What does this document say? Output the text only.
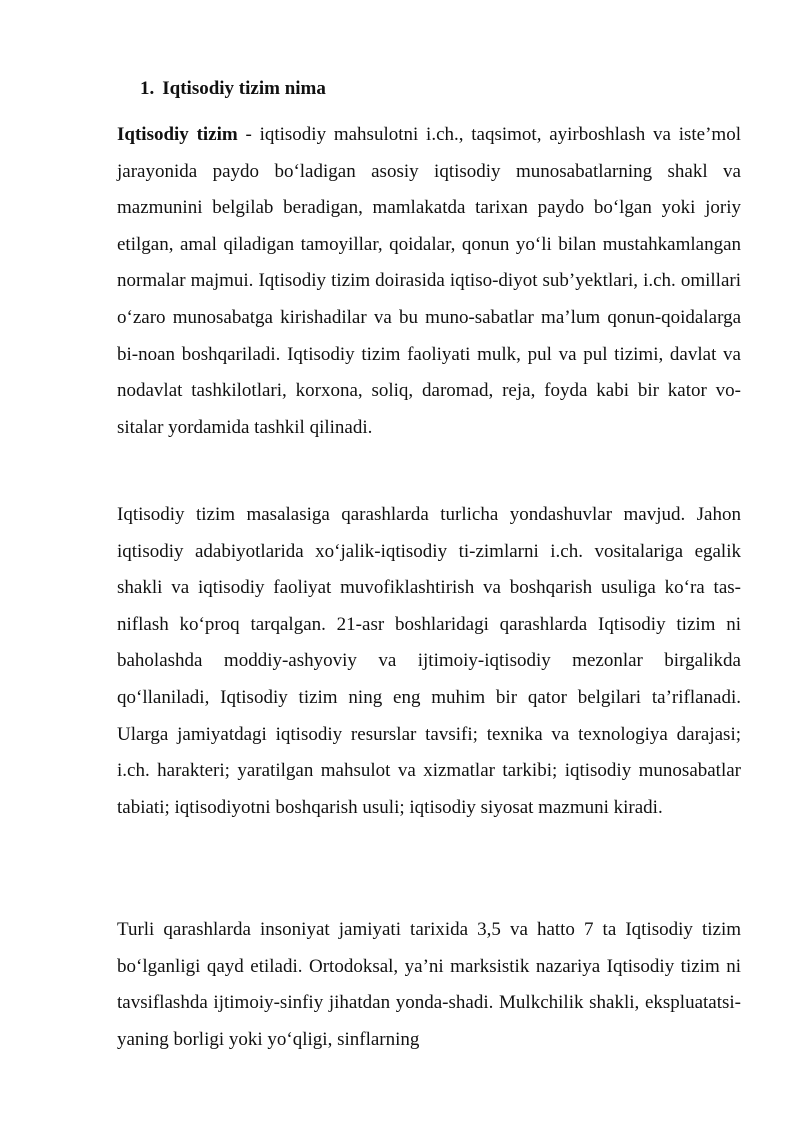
1. Iqtisodiy tizim nima

Iqtisodiy tizim - iqtisodiy mahsulotni i.ch., taqsimot, ayirboshlash va iste’mol jarayonida paydo bo‘ladigan asosiy iqtisodiy munosabatlarning shakl va mazmunini belgilab beradigan, mamlakatda tarixan paydo bo‘lgan yoki joriy etilgan, amal qiladigan tamoyillar, qoidalar, qonun yo‘li bilan mustahkamlangan normalar majmui. Iqtisodiy tizim doirasida iqtiso-diyot sub’yektlari, i.ch. omillari o‘zaro munosabatga kirishadilar va bu muno-sabatlar ma’lum qonun-qoidalarga bi-noan boshqariladi. Iqtisodiy tizim faoliyati mulk, pul va pul tizimi, davlat va nodavlat tashkilotlari, korxona, soliq, daromad, reja, foyda kabi bir kator vo-sitalar yordamida tashkil qilinadi.

Iqtisodiy tizim masalasiga qarashlarda turlicha yondashuvlar mavjud. Jahon iqtisodiy adabiyotlarida xo‘jalik-iqtisodiy ti-zimlarni i.ch. vositalariga egalik shakli va iqtisodiy faoliyat muvofiklashtirish va boshqarish usuliga ko‘ra tas-niflash ko‘proq tarqalgan. 21-asr boshlaridagi qarashlarda Iqtisodiy tizim ni baholashda moddiy-ashyoviy va ijtimoiy-iqtisodiy mezonlar birgalikda qo‘llaniladi, Iqtisodiy tizim ning eng muhim bir qator belgilari ta’riflanadi. Ularga jamiyatdagi iqtisodiy resurslar tavsifi; texnika va texnologiya darajasi; i.ch. harakteri; yaratilgan mahsulot va xizmatlar tarkibi; iqtisodiy munosabatlar tabiati; iqtisodiyotni boshqarish usuli; iqtisodiy siyosat mazmuni kiradi.

Turli qarashlarda insoniyat jamiyati tarixida 3,5 va hatto 7 ta Iqtisodiy tizim bo‘lganligi qayd etiladi. Ortodoksal, ya’ni marksistik nazariya Iqtisodiy tizim ni tavsiflashda ijtimoiy-sinfiy jihatdan yonda-shadi. Mulkchilik shakli, ekspluatatsi-yaning borligi yoki yo‘qligi, sinflarning
